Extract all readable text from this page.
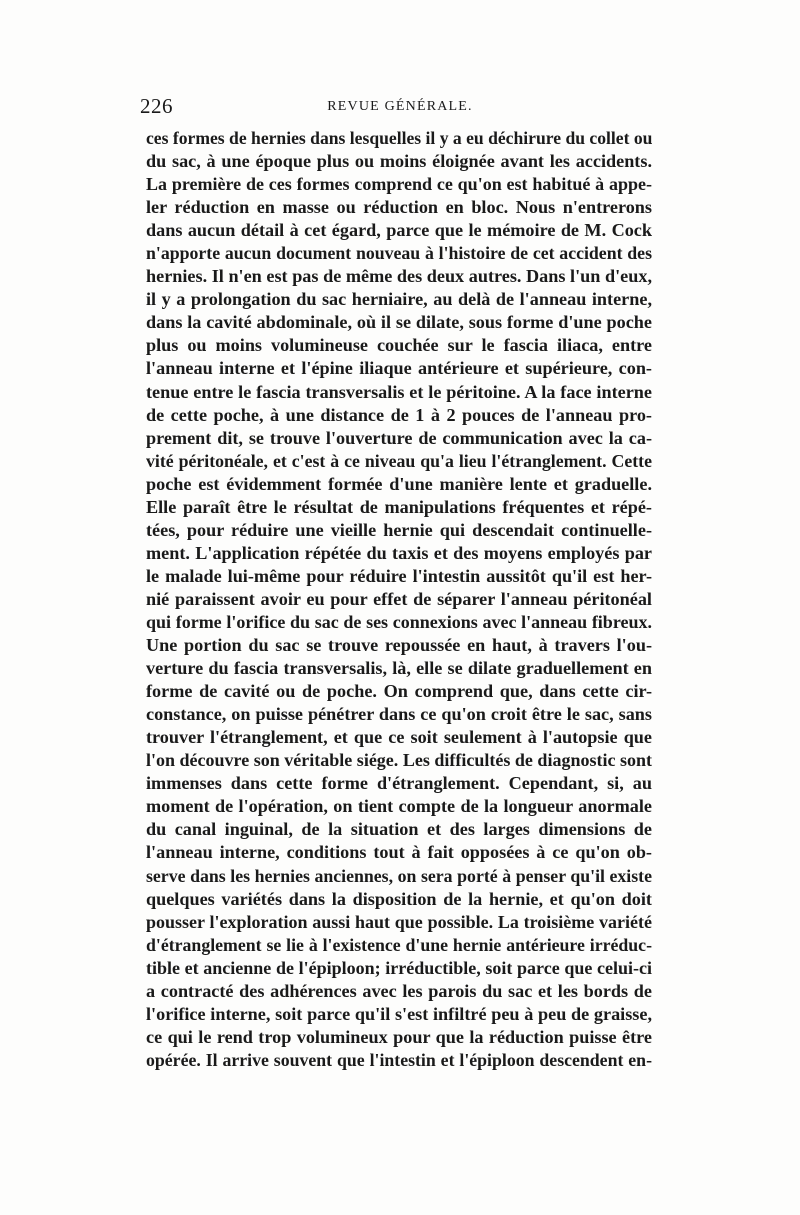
226	REVUE GÉNÉRALE.
ces formes de hernies dans lesquelles il y a eu déchirure du collet ou
du sac, à une époque plus ou moins éloignée avant les accidents.
La première de ces formes comprend ce qu'on est habitué à appe-
ler réduction en masse ou réduction en bloc. Nous n'entrerons
dans aucun détail à cet égard, parce que le mémoire de M. Cock
n'apporte aucun document nouveau à l'histoire de cet accident des
hernies. Il n'en est pas de même des deux autres. Dans l'un d'eux,
il y a prolongation du sac herniaire, au delà de l'anneau interne,
dans la cavité abdominale, où il se dilate, sous forme d'une poche
plus ou moins volumineuse couchée sur le fascia iliaca, entre
l'anneau interne et l'épine iliaque antérieure et supérieure, con-
tenue entre le fascia transversalis et le péritoine. A la face interne
de cette poche, à une distance de 1 à 2 pouces de l'anneau pro-
prement dit, se trouve l'ouverture de communication avec la ca-
vité péritonéale, et c'est à ce niveau qu'a lieu l'étranglement. Cette
poche est évidemment formée d'une manière lente et graduelle.
Elle paraît être le résultat de manipulations fréquentes et répé-
tées, pour réduire une vieille hernie qui descendait continuelle-
ment. L'application répétée du taxis et des moyens employés par
le malade lui-même pour réduire l'intestin aussitôt qu'il est her-
nié paraissent avoir eu pour effet de séparer l'anneau péritonéal
qui forme l'orifice du sac de ses connexions avec l'anneau fibreux.
Une portion du sac se trouve repoussée en haut, à travers l'ou-
verture du fascia transversalis, là, elle se dilate graduellement en
forme de cavité ou de poche. On comprend que, dans cette cir-
constance, on puisse pénétrer dans ce qu'on croit être le sac, sans
trouver l'étranglement, et que ce soit seulement à l'autopsie que
l'on découvre son véritable siége. Les difficultés de diagnostic sont
immenses dans cette forme d'étranglement. Cependant, si, au
moment de l'opération, on tient compte de la longueur anormale
du canal inguinal, de la situation et des larges dimensions de
l'anneau interne, conditions tout à fait opposées à ce qu'on ob-
serve dans les hernies anciennes, on sera porté à penser qu'il existe
quelques variétés dans la disposition de la hernie, et qu'on doit
pousser l'exploration aussi haut que possible. La troisième variété
d'étranglement se lie à l'existence d'une hernie antérieure irréduc-
tible et ancienne de l'épiploon; irréductible, soit parce que celui-ci
a contracté des adhérences avec les parois du sac et les bords de
l'orifice interne, soit parce qu'il s'est infiltré peu à peu de graisse,
ce qui le rend trop volumineux pour que la réduction puisse être
opérée. Il arrive souvent que l'intestin et l'épiploon descendent en-
